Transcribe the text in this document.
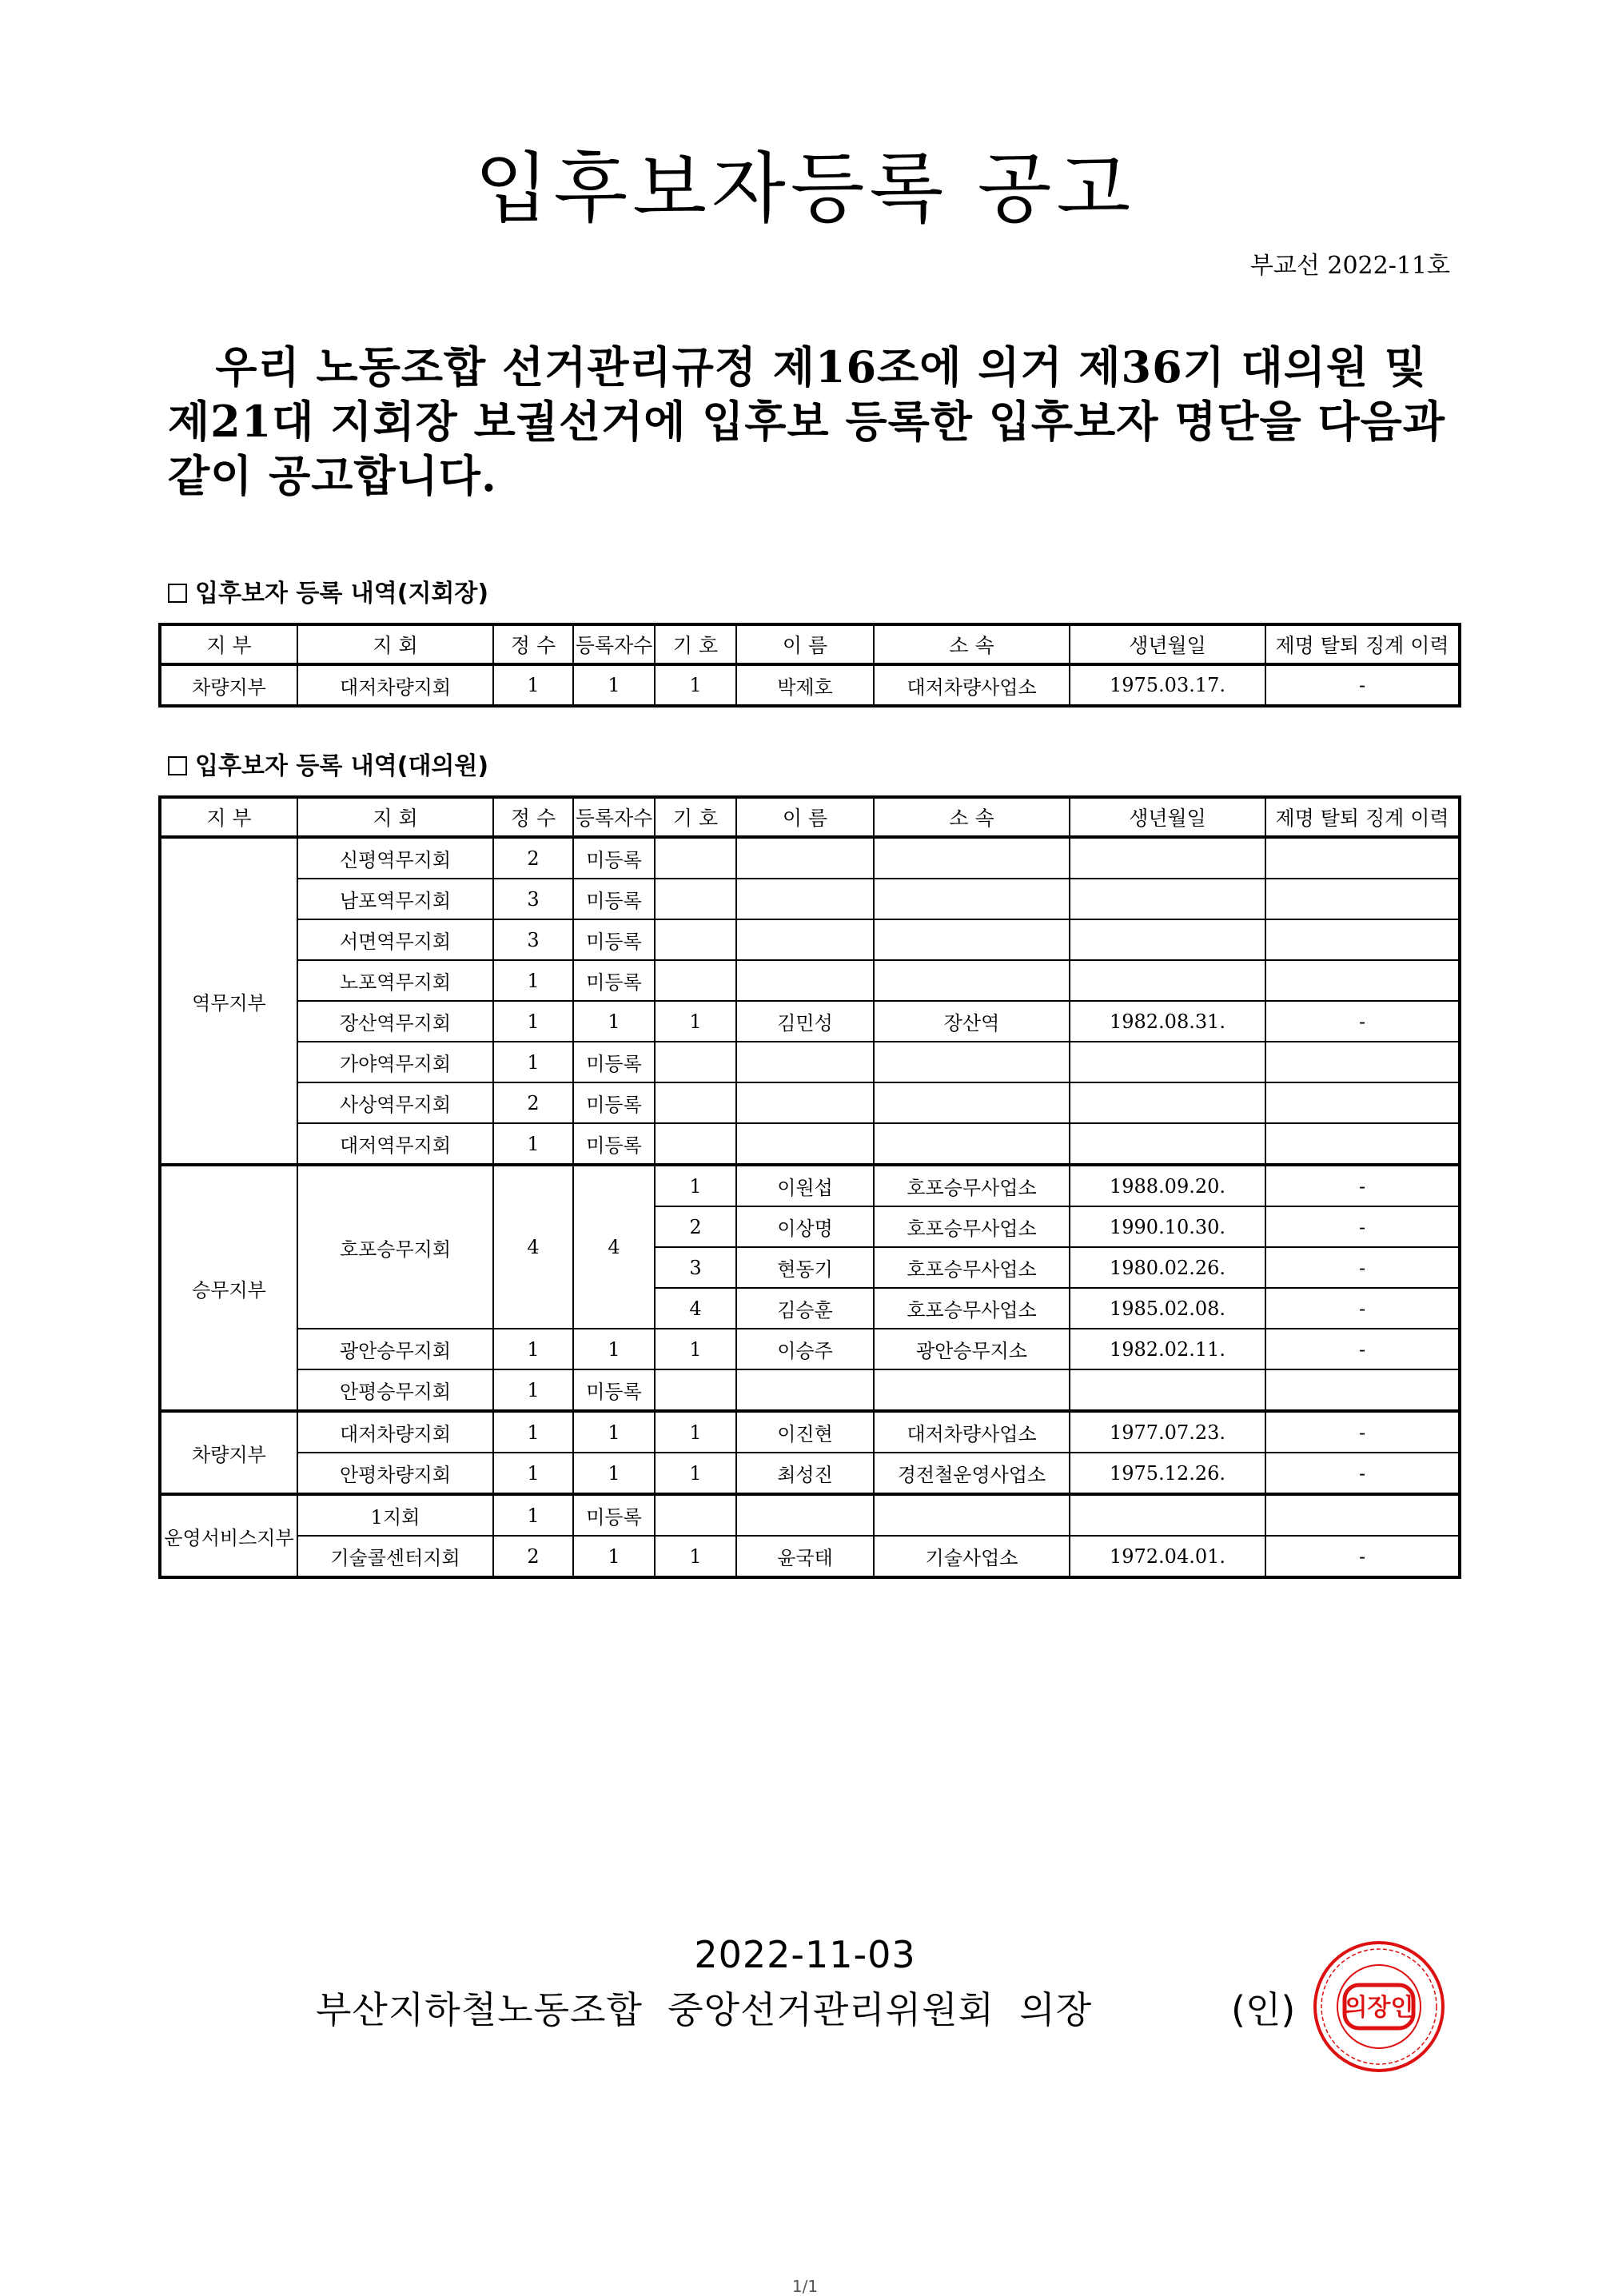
입후보자등록 공고
부교선 2022-11호
우리 노동조합 선거관리규정 제16조에 의거 제36기 대의원 및 제21대 지회장 보궐선거에 입후보 등록한 입후보자 명단을 다음과 같이 공고합니다.
입후보자 등록 내역(지회장)
지 부	지 회	정 수	등록자수	기 호	이 름	소 속	생년월일	제명 탈퇴 징계 이력
차량지부	대저차량지회	1	1	1	박제호	대저차량사업소	1975.03.17.	-
입후보자 등록 내역(대의원)
지 부	지 회	정 수	등록자수	기 호	이 름	소 속	생년월일	제명 탈퇴 징계 이력
역무지부	신평역무지회	2	미등록					
	남포역무지회	3	미등록					
	서면역무지회	3	미등록					
	노포역무지회	1	미등록					
	장산역무지회	1	1	1	김민성	장산역	1982.08.31.	-
	가야역무지회	1	미등록					
	사상역무지회	2	미등록					
	대저역무지회	1	미등록					
승무지부	호포승무지회	4	4	1	이원섭	호포승무사업소	1988.09.20.	-
				2	이상명	호포승무사업소	1990.10.30.	-
				3	현동기	호포승무사업소	1980.02.26.	-
				4	김승훈	호포승무사업소	1985.02.08.	-
	광안승무지회	1	1	1	이승주	광안승무지소	1982.02.11.	-
	안평승무지회	1	미등록					
차량지부	대저차량지회	1	1	1	이진현	대저차량사업소	1977.07.23.	-
	안평차량지회	1	1	1	최성진	경전철운영사업소	1975.12.26.	-
운영서비스지부	1지회	1	미등록					
	기술콜센터지회	2	1	1	윤국태	기술사업소	1972.04.01.	-
2022-11-03
부산지하철노동조합  중앙선거관리위원회  의장	(인) 의장인
1/1
